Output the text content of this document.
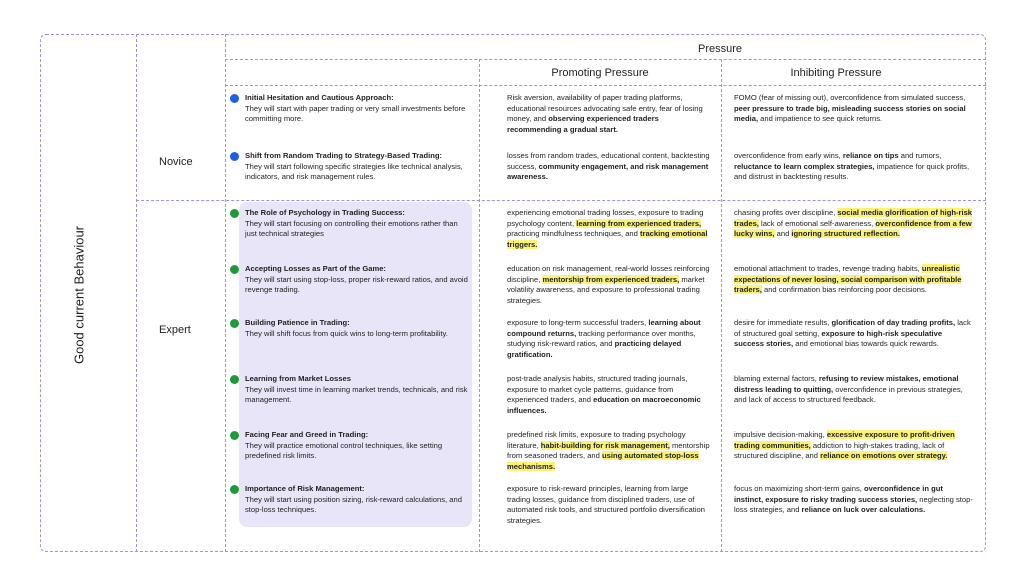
Good current Behaviour
Pressure
Promoting Pressure	Inhibiting Pressure
Novice
Expert
Initial Hesitation and Cautious Approach:
They will start with paper trading or very small investments before committing more.
Risk aversion, availability of paper trading platforms, educational resources advocating safe entry, fear of losing money, and observing experienced traders recommending a gradual start.
FOMO (fear of missing out), overconfidence from simulated success, peer pressure to trade big, misleading success stories on social media, and impatience to see quick returns.
Shift from Random Trading to Strategy-Based Trading:
They will start following specific strategies like technical analysis, indicators, and risk management rules.
losses from random trades, educational content, backtesting success, community engagement, and risk management awareness.
overconfidence from early wins, reliance on tips and rumors, reluctance to learn complex strategies, impatience for quick profits, and distrust in backtesting results.
The Role of Psychology in Trading Success:
They will start focusing on controlling their emotions rather than just technical strategies
experiencing emotional trading losses, exposure to trading psychology content, learning from experienced traders, practicing mindfulness techniques, and tracking emotional triggers.
chasing profits over discipline, social media glorification of high-risk trades, lack of emotional self-awareness, overconfidence from a few lucky wins, and ignoring structured reflection.
Accepting Losses as Part of the Game:
They will start using stop-loss, proper risk-reward ratios, and avoid revenge trading.
education on risk management, real-world losses reinforcing discipline, mentorship from experienced traders, market volatility awareness, and exposure to professional trading strategies.
emotional attachment to trades, revenge trading habits, unrealistic expectations of never losing, social comparison with profitable traders, and confirmation bias reinforcing poor decisions.
Building Patience in Trading:
They will shift focus from quick wins to long-term profitability.
exposure to long-term successful traders, learning about compound returns, tracking performance over months, studying risk-reward ratios, and practicing delayed gratification.
desire for immediate results, glorification of day trading profits, lack of structured goal setting, exposure to high-risk speculative success stories, and emotional bias towards quick rewards.
Learning from Market Losses
They will invest time in learning market trends, technicals, and risk management.
post-trade analysis habits, structured trading journals, exposure to market cycle patterns, guidance from experienced traders, and education on macroeconomic influences.
blaming external factors, refusing to review mistakes, emotional distress leading to quitting, overconfidence in previous strategies, and lack of access to structured feedback.
Facing Fear and Greed in Trading:
They will practice emotional control techniques, like setting predefined risk limits.
predefined risk limits, exposure to trading psychology literature, habit-building for risk management, mentorship from seasoned traders, and using automated stop-loss mechanisms.
impulsive decision-making, excessive exposure to profit-driven trading communities, addiction to high-stakes trading, lack of structured discipline, and reliance on emotions over strategy.
Importance of Risk Management:
They will start using position sizing, risk-reward calculations, and stop-loss techniques.
exposure to risk-reward principles, learning from large trading losses, guidance from disciplined traders, use of automated risk tools, and structured portfolio diversification strategies.
focus on maximizing short-term gains, overconfidence in gut instinct, exposure to risky trading success stories, neglecting stop-loss strategies, and reliance on luck over calculations.
